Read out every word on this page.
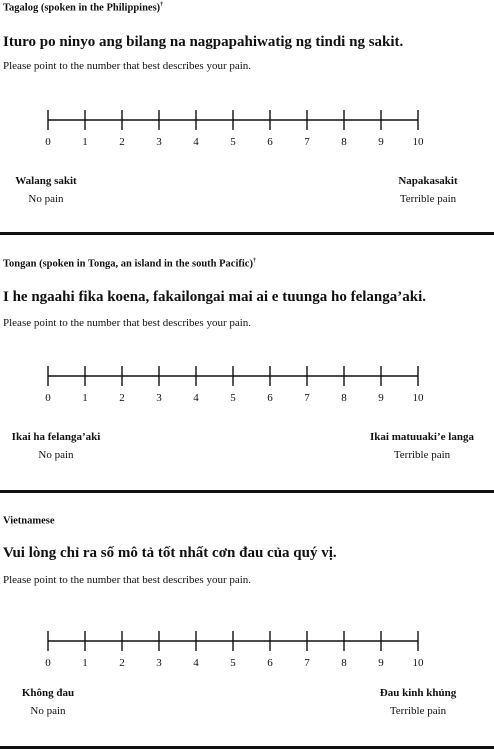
Tagalog (spoken in the Philippines)†
Ituro po ninyo ang bilang na nagpapahiwatig ng tindi ng sakit.
Please point to the number that best describes your pain.
0	1	2	3	4	5	6	7	8	9	10
Walang sakit
No pain
Napakasakit
Terrible pain
Tongan (spoken in Tonga, an island in the south Pacific)†
I he ngaahi fika koena, fakailongai mai ai e tuunga ho felanga’aki.
Please point to the number that best describes your pain.
0	1	2	3	4	5	6	7	8	9	10
Ikai ha felanga’aki
No pain
Ikai matuuaki’e langa
Terrible pain
Vietnamese
Vui lòng chỉ ra số mô tả tốt nhất cơn đau của quý vị.
Please point to the number that best describes your pain.
0	1	2	3	4	5	6	7	8	9	10
Không đau
No pain
Đau kinh khủng
Terrible pain
